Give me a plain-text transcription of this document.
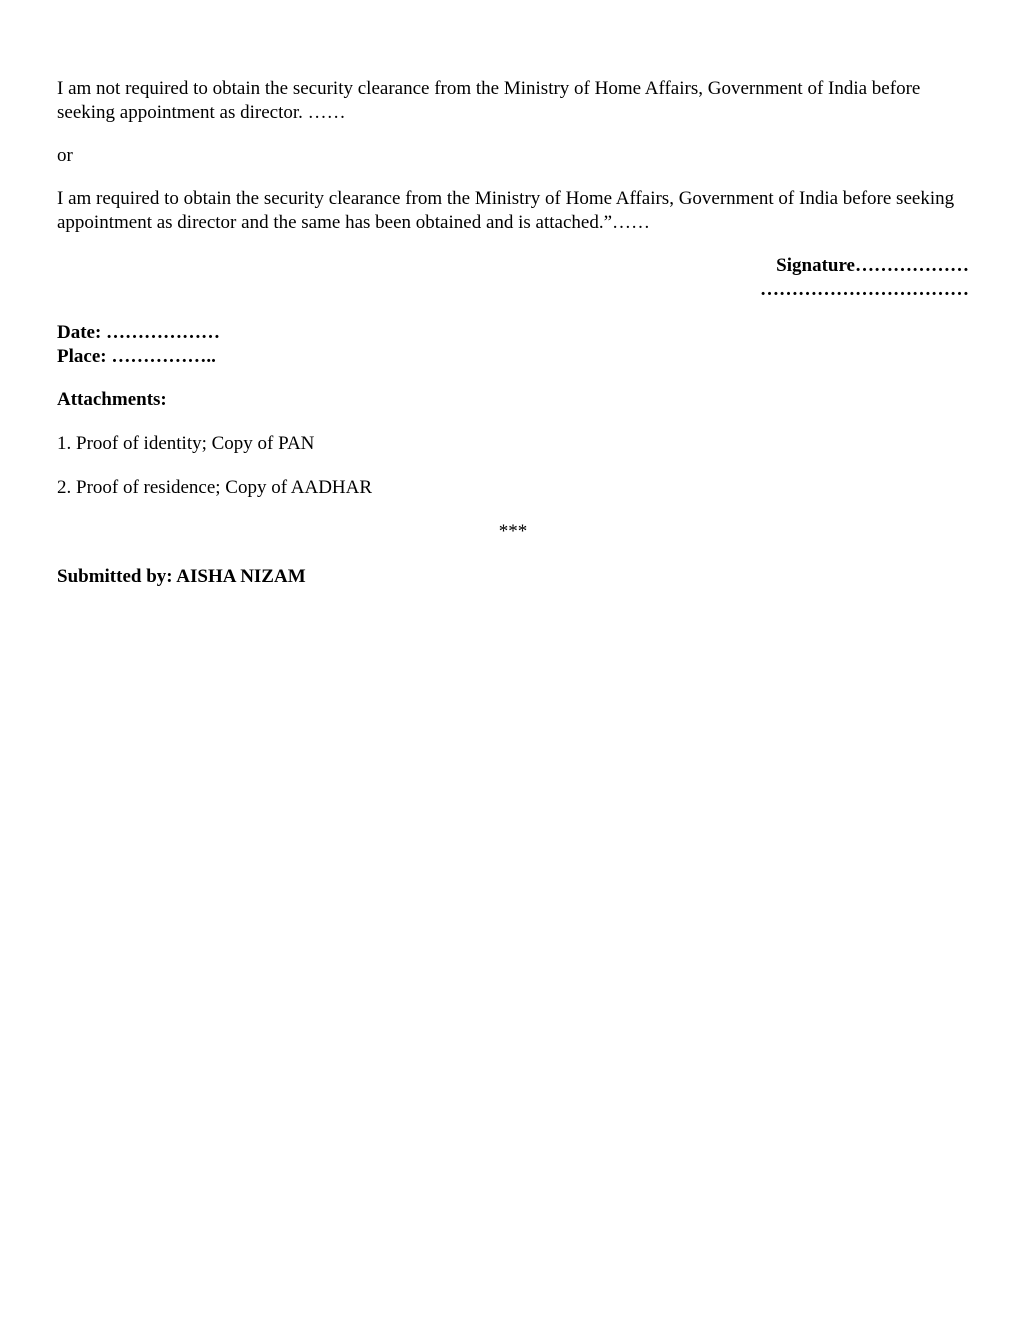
I am not required to obtain the security clearance from the Ministry of Home Affairs, Government of India before seeking appointment as director. ……

or

I am required to obtain the security clearance from the Ministry of Home Affairs, Government of India before seeking appointment as director and the same has been obtained and is attached.”……

Signature………………
……………………………
Date: ………………
Place: ……………..

Attachments:

1. Proof of identity; Copy of PAN

2. Proof of residence; Copy of AADHAR

***

Submitted by: AISHA NIZAM
